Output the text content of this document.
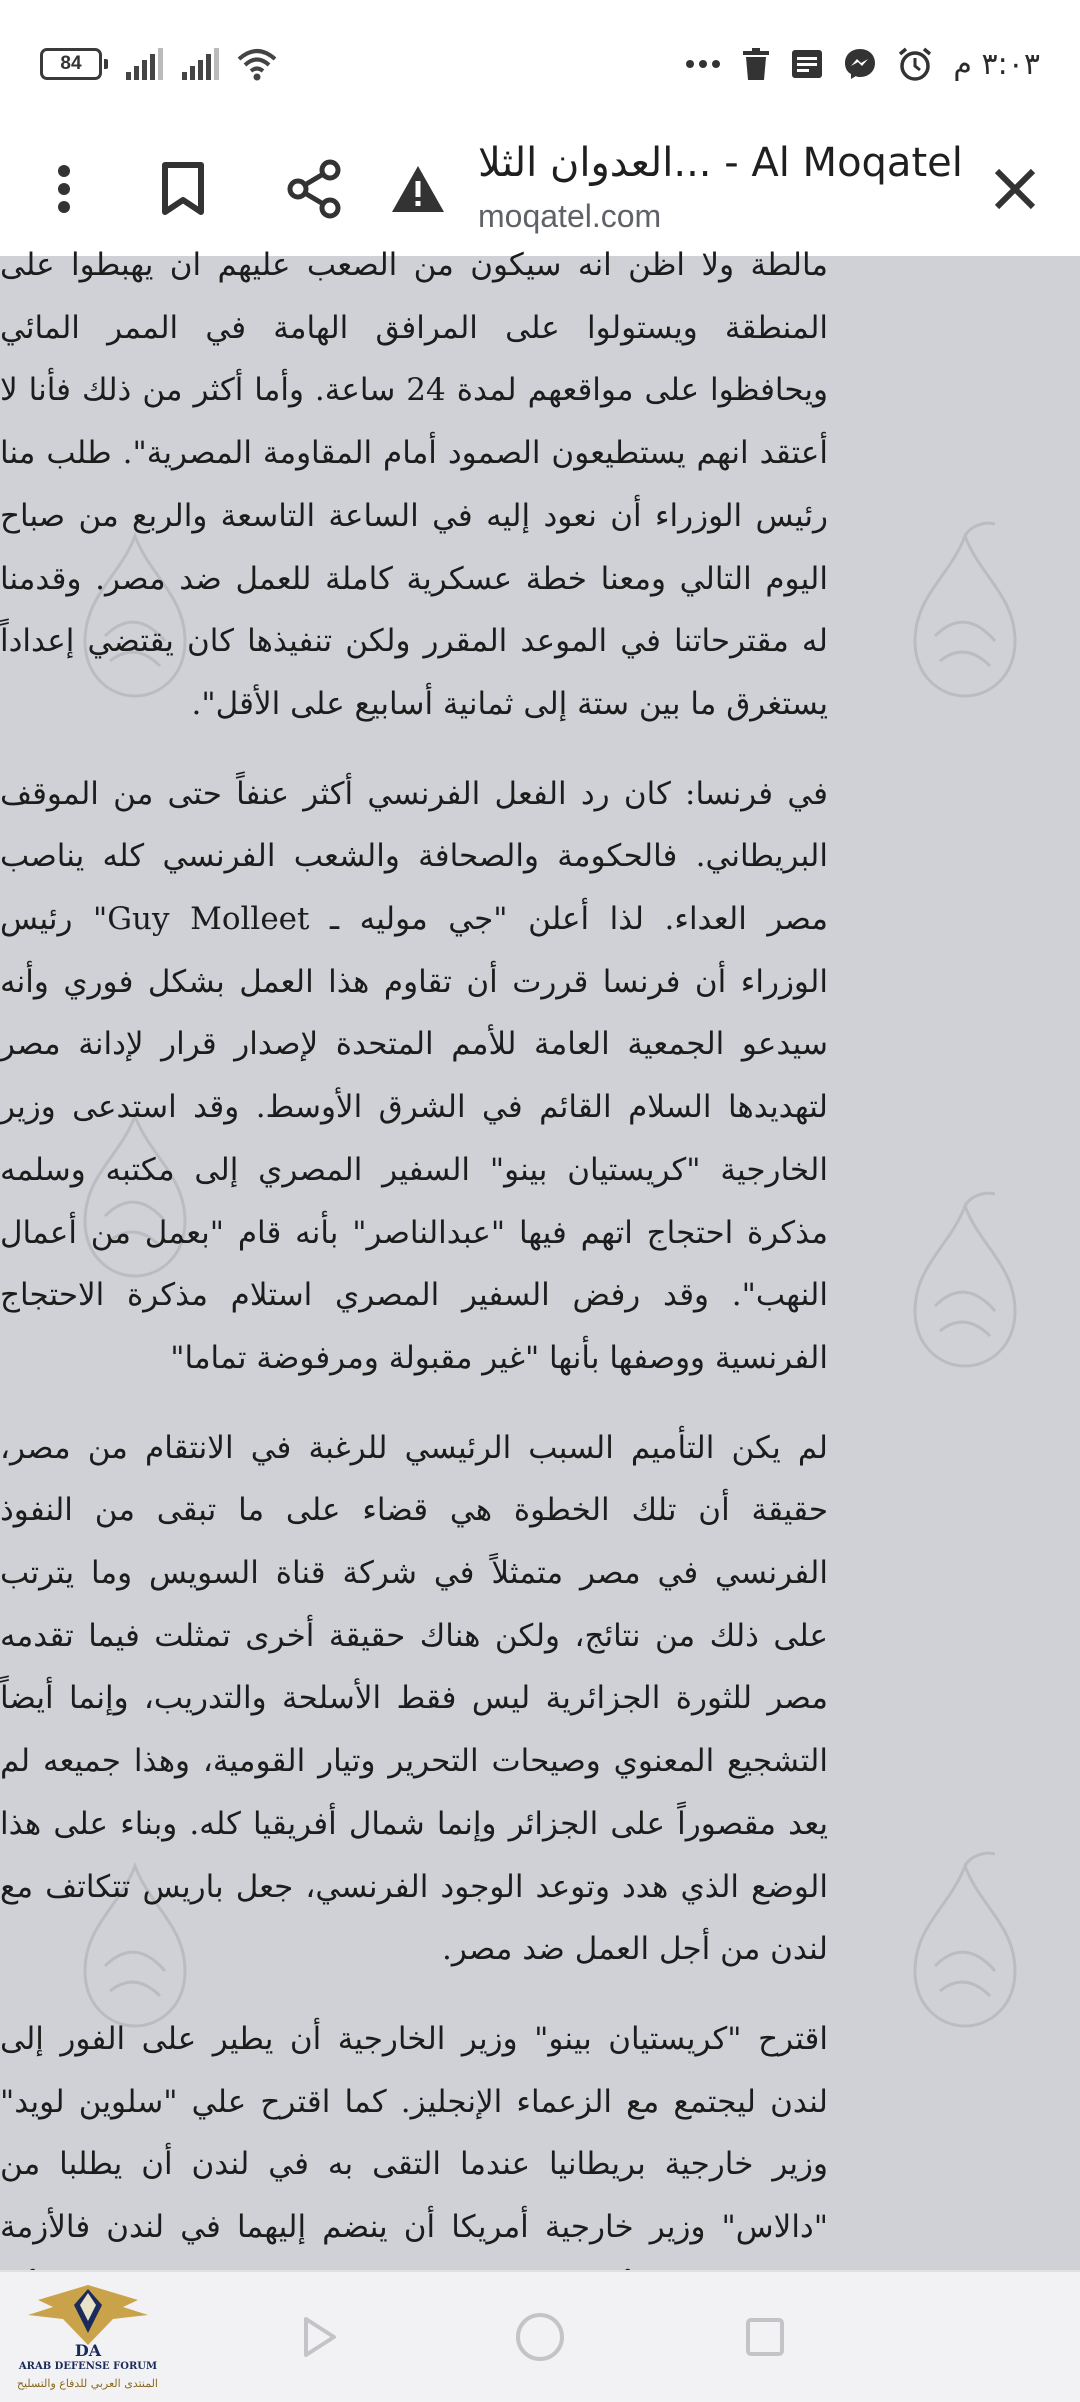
84	٣:٠٣ م
العدوان الثلا... - Al Moqatel
moqatel.com

مالطة ولا اظن انه سيكون من الصعب عليهم ان يهبطوا على المنطقة ويستولوا على المرافق الهامة في الممر المائي ويحافظوا على مواقعهم لمدة 24 ساعة. وأما أكثر من ذلك فأنا لا أعتقد انهم يستطيعون الصمود أمام المقاومة المصرية". طلب منا رئيس الوزراء أن نعود إليه في الساعة التاسعة والربع من صباح اليوم التالي ومعنا خطة عسكرية كاملة للعمل ضد مصر. وقدمنا له مقترحاتنا في الموعد المقرر ولكن تنفيذها كان يقتضي إعداداً يستغرق ما بين ستة إلى ثمانية أسابيع على الأقل".

في فرنسا: كان رد الفعل الفرنسي أكثر عنفاً حتى من الموقف البريطاني. فالحكومة والصحافة والشعب الفرنسي كله يناصب مصر العداء. لذا أعلن "جي موليه ـ Guy Molleet" رئيس الوزراء أن فرنسا قررت أن تقاوم هذا العمل بشكل فوري وأنه سيدعو الجمعية العامة للأمم المتحدة لإصدار قرار لإدانة مصر لتهديدها السلام القائم في الشرق الأوسط. وقد استدعى وزير الخارجية "كريستيان بينو" السفير المصري إلى مكتبه وسلمه مذكرة احتجاج اتهم فيها "عبدالناصر" بأنه قام "بعمل من أعمال النهب". وقد رفض السفير المصري استلام مذكرة الاحتجاج الفرنسية ووصفها بأنها "غير مقبولة ومرفوضة تماما"

لم يكن التأميم السبب الرئيسي للرغبة في الانتقام من مصر، حقيقة أن تلك الخطوة هي قضاء على ما تبقى من النفوذ الفرنسي في مصر متمثلاً في شركة قناة السويس وما يترتب على ذلك من نتائج، ولكن هناك حقيقة أخرى تمثلت فيما تقدمه مصر للثورة الجزائرية ليس فقط الأسلحة والتدريب، وإنما أيضاً التشجيع المعنوي وصيحات التحرير وتيار القومية، وهذا جميعه لم يعد مقصوراً على الجزائر وإنما شمال أفريقيا كله. وبناء على هذا الوضع الذي هدد وتوعد الوجود الفرنسي، جعل باريس تتكاتف مع لندن من أجل العمل ضد مصر.

اقترح "كريستيان بينو" وزير الخارجية أن يطير على الفور إلى لندن ليجتمع مع الزعماء الإنجليز. كما اقترح علي "سلوين لويد" وزير خارجية بريطانيا عندما التقى به في لندن أن يطلبا من "دالاس" وزير خارجية أمريكا أن ينضم إليهما في لندن فالأزمة

DA
ARAB DEFENSE FORUM
المنتدى العربي للدفاع والتسليح
